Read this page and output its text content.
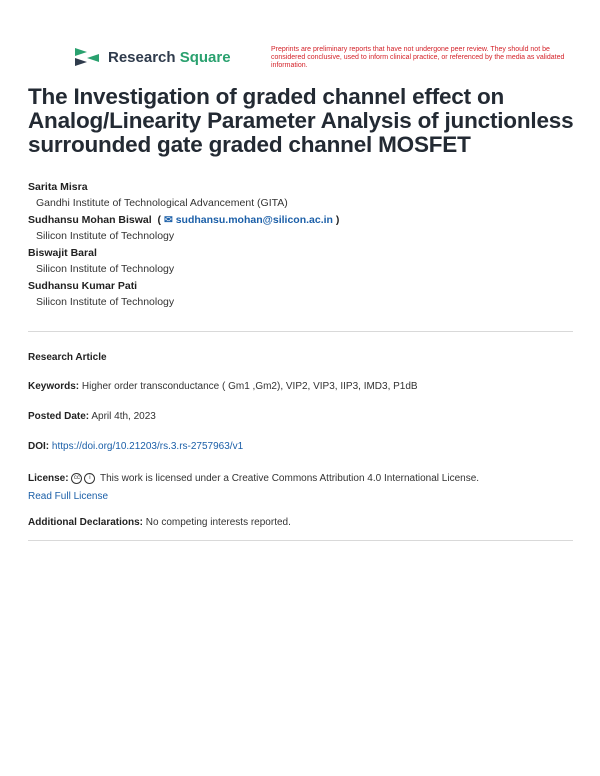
Research Square	Preprints are preliminary reports that have not undergone peer review. They should not be considered conclusive, used to inform clinical practice, or referenced by the media as validated information.
The Investigation of graded channel effect on Analog/Linearity Parameter Analysis of junctionless surrounded gate graded channel MOSFET
Sarita Misra
Gandhi Institute of Technological Advancement (GITA)
Sudhansu Mohan Biswal  ( ✉ sudhansu.mohan@silicon.ac.in )
Silicon Institute of Technology
Biswajit Baral
Silicon Institute of Technology
Sudhansu Kumar Pati
Silicon Institute of Technology
Research Article
Keywords: Higher order transconductance ( Gm1 ,Gm2), VIP2, VIP3, IIP3, IMD3, P1dB
Posted Date: April 4th, 2023
DOI: https://doi.org/10.21203/rs.3.rs-2757963/v1
License: cc i This work is licensed under a Creative Commons Attribution 4.0 International License.
Read Full License
Additional Declarations: No competing interests reported.
